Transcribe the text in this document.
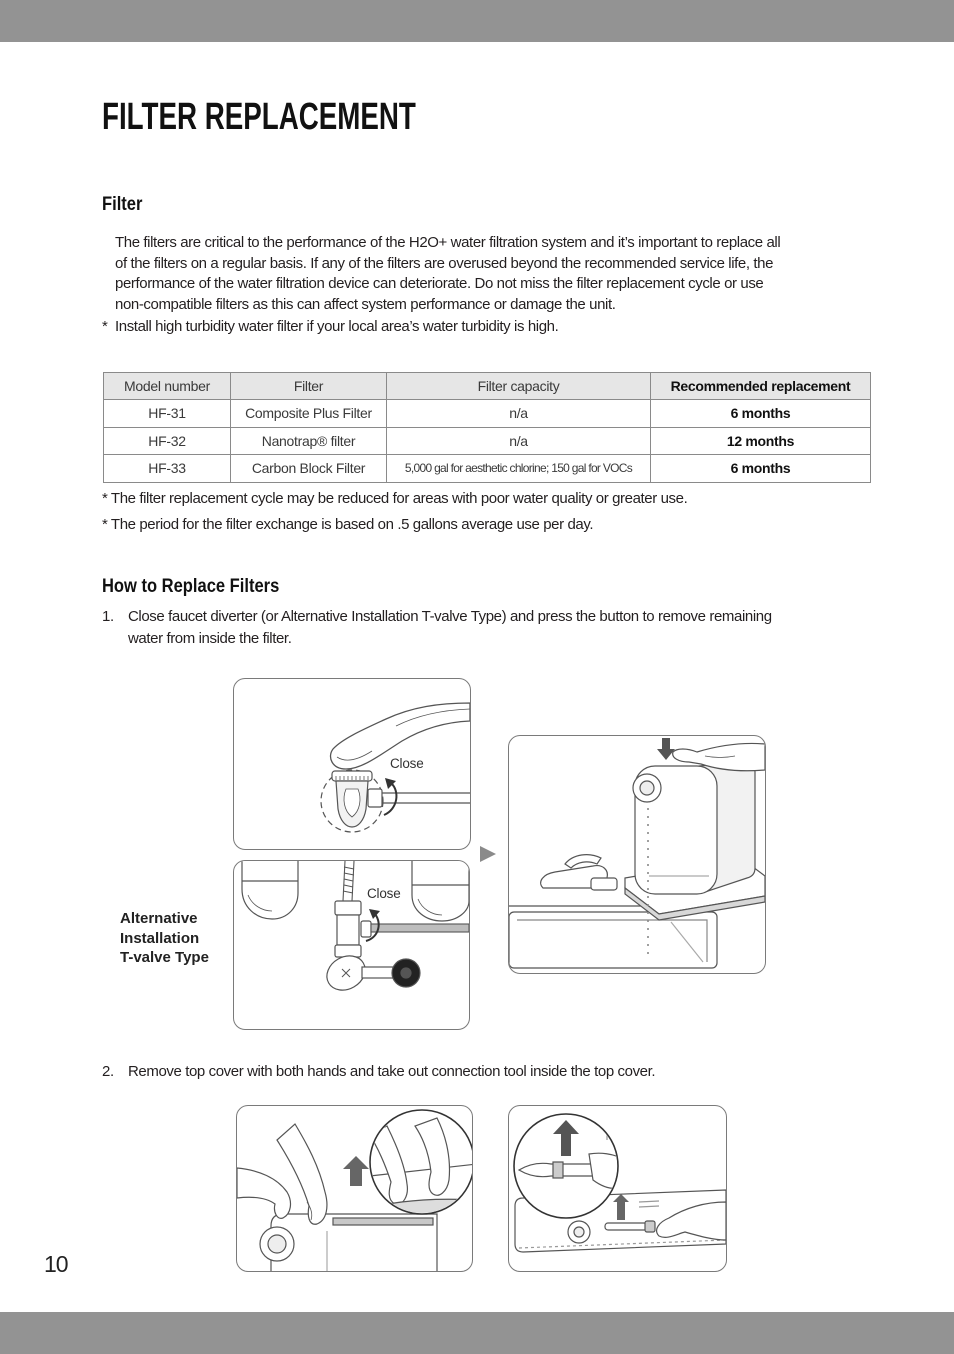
FILTER REPLACEMENT
Filter
The filters are critical to the performance of the H2O+ water filtration system and it’s important to replace all
of the filters on a regular basis. If any of the filters are overused beyond the recommended service life, the
performance of the water filtration device can deteriorate. Do not miss the filter replacement cycle or use
non-compatible filters as this can affect system performance or damage the unit.
* Install high turbidity water filter if your local area’s water turbidity is high.
Model number	Filter	Filter capacity	Recommended replacement
HF-31	Composite Plus Filter	n/a	6 months
HF-32	Nanotrap® filter	n/a	12 months
HF-33	Carbon Block Filter	5,000 gal for aesthetic chlorine; 150 gal for VOCs	6 months
* The filter replacement cycle may be reduced for areas with poor water quality or greater use.
* The period for the filter exchange is based on .5 gallons average use per day.
How to Replace Filters
1. Close faucet diverter (or Alternative Installation T-valve Type) and press the button to remove remaining
water from inside the filter.
Close
Close
Alternative
Installation
T-valve Type
2. Remove top cover with both hands and take out connection tool inside the top cover.
10
